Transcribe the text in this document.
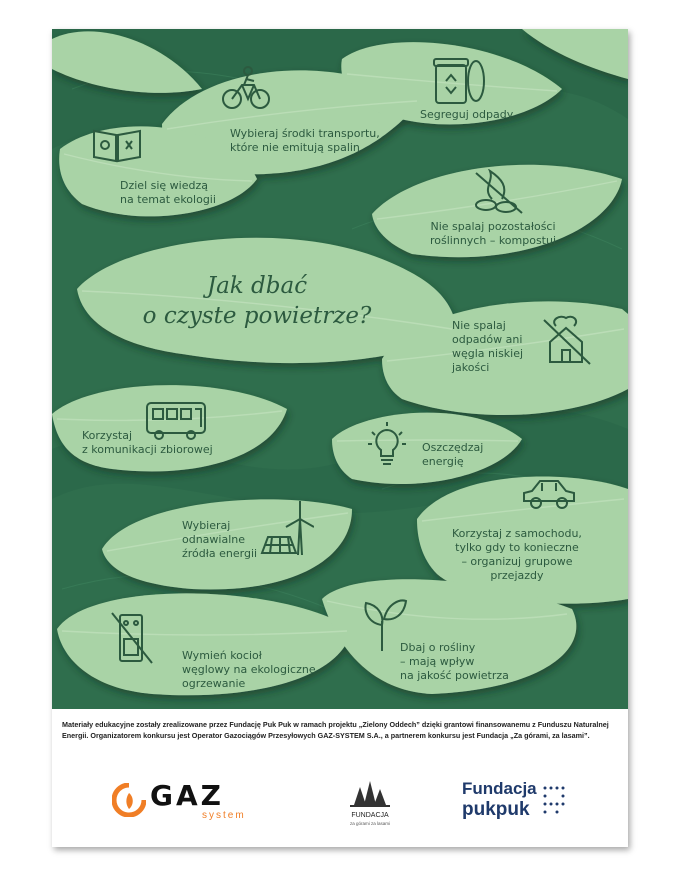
Wybieraj środki transportu,
które nie emitują spalin
Segreguj odpady
Dziel się wiedzą
na temat ekologii
Nie spalaj pozostałości
roślinnych – kompostuj
Jak dbać
o czyste powietrze?	Nie spalaj
odpadów ani
węgla niskiej
jakości
Korzystaj
z komunikacji zbiorowej	Oszczędzaj
energię
Wybieraj
odnawialne
źródła energii
Korzystaj z samochodu,
tylko gdy to konieczne
– organizuj grupowe
przejazdy
Wymień kocioł
węglowy na ekologiczne
ogrzewanie
Dbaj o rośliny
– mają wpływ
na jakość powietrza
Materiały edukacyjne zostały zrealizowane przez Fundację Puk Puk w ramach projektu „Zielony Oddech” dzięki grantowi finansowanemu z Funduszu Naturalnej Energii. Organizatorem konkursu jest Operator Gazociągów Przesyłowych GAZ-SYSTEM S.A., a partnerem konkursu jest Fundacja „Za górami, za lasami”.
GAZ
system	FUNDACJA
za górami za lasami
Fundacja
pukpuk
